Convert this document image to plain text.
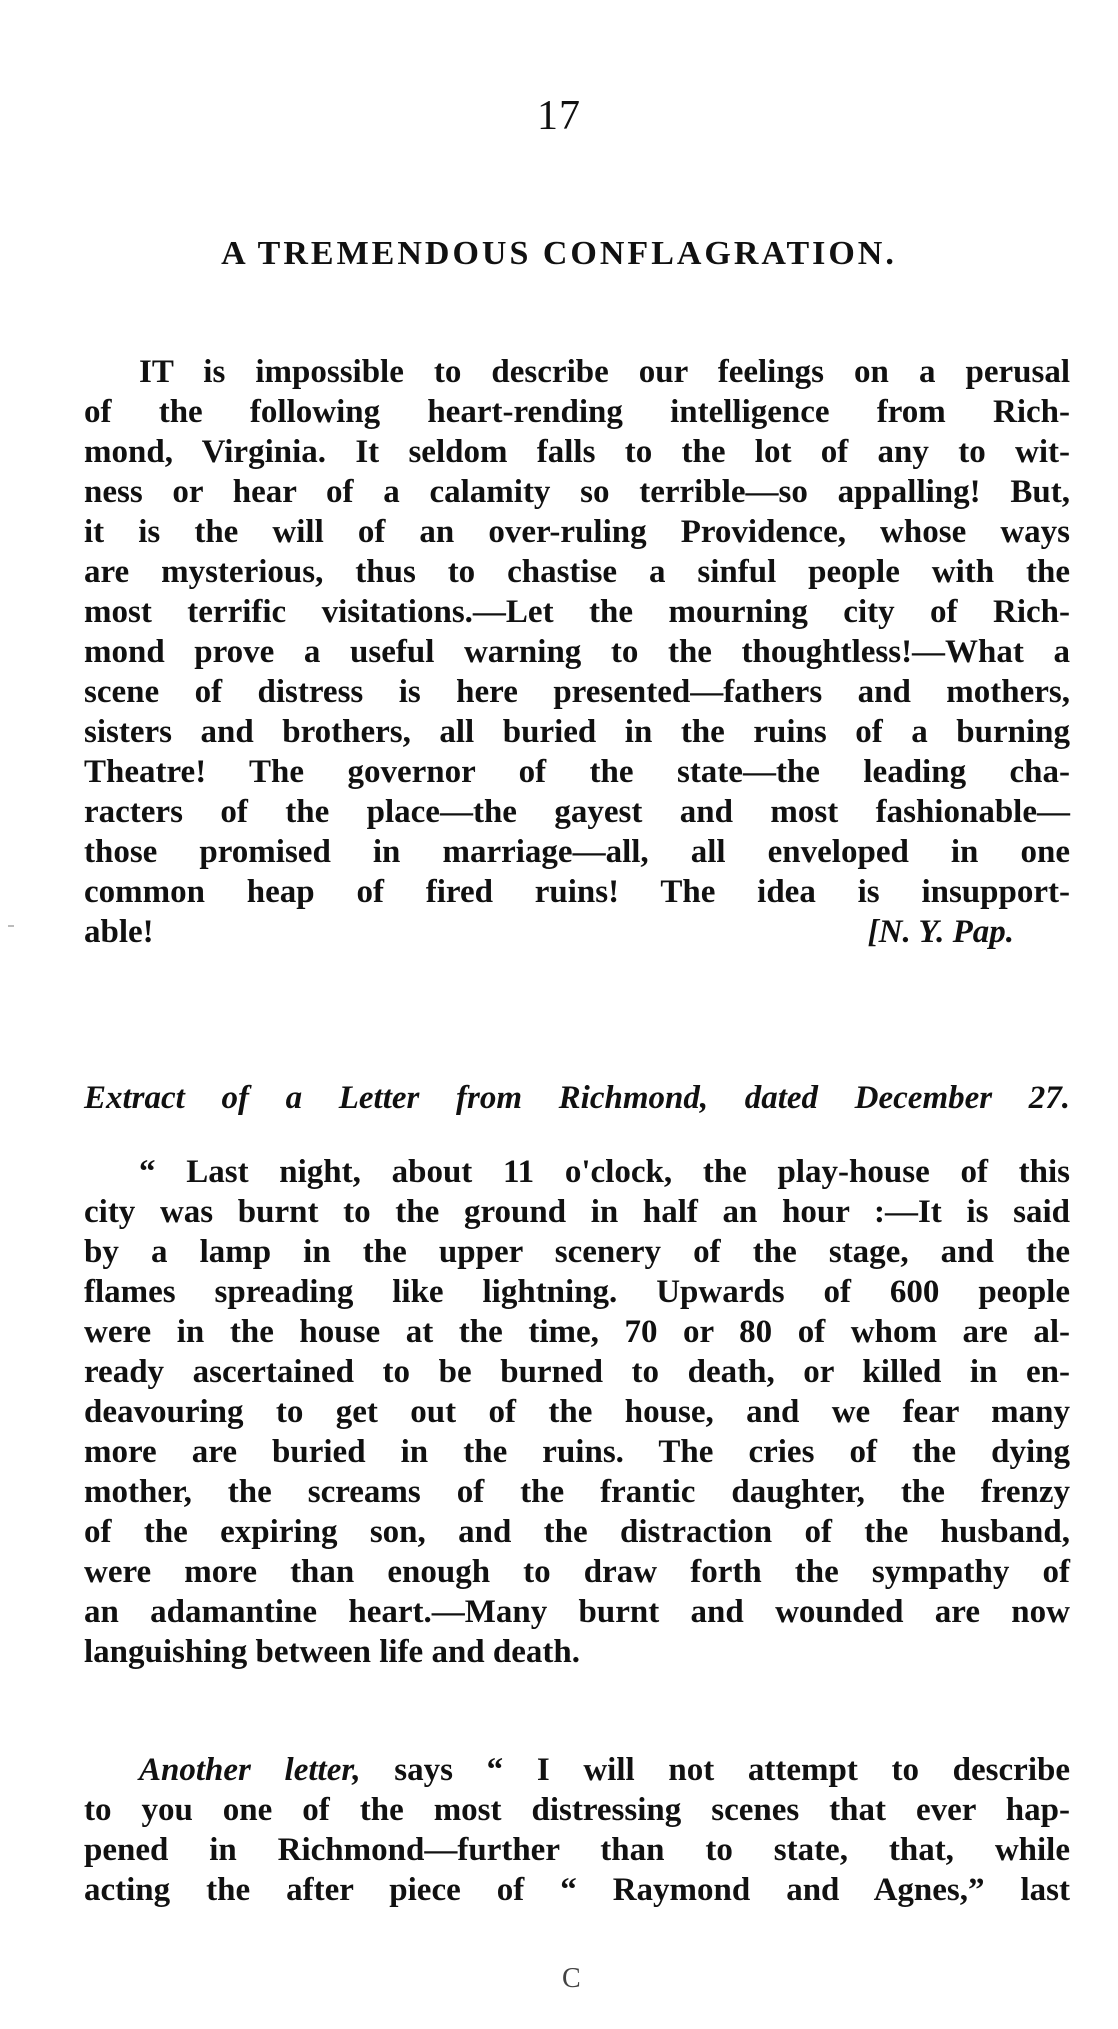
17
A TREMENDOUS CONFLAGRATION.
IT is impossible to describe our feelings on a perusal
of the following heart-rending intelligence from Rich-
mond, Virginia. It seldom falls to the lot of any to wit-
ness or hear of a calamity so terrible—so appalling! But,
it is the will of an over-ruling Providence, whose ways
are mysterious, thus to chastise a sinful people with the
most terrific visitations.—Let the mourning city of Rich-
mond prove a useful warning to the thoughtless!—What a
scene of distress is here presented—fathers and mothers,
sisters and brothers, all buried in the ruins of a burning
Theatre! The governor of the state—the leading cha-
racters of the place—the gayest and most fashionable—
those promised in marriage—all, all enveloped in one
common heap of fired ruins! The idea is insupport-
able!	[N. Y. Pap.
Extract of a Letter from Richmond, dated December 27.
“ Last night, about 11 o'clock, the play-house of this
city was burnt to the ground in half an hour :—It is said
by a lamp in the upper scenery of the stage, and the
flames spreading like lightning. Upwards of 600 people
were in the house at the time, 70 or 80 of whom are al-
ready ascertained to be burned to death, or killed in en-
deavouring to get out of the house, and we fear many
more are buried in the ruins. The cries of the dying
mother, the screams of the frantic daughter, the frenzy
of the expiring son, and the distraction of the husband,
were more than enough to draw forth the sympathy of
an adamantine heart.—Many burnt and wounded are now
languishing between life and death.
Another letter, says “ I will not attempt to describe
to you one of the most distressing scenes that ever hap-
pened in Richmond—further than to state, that, while
acting the after piece of “ Raymond and Agnes,” last
C
